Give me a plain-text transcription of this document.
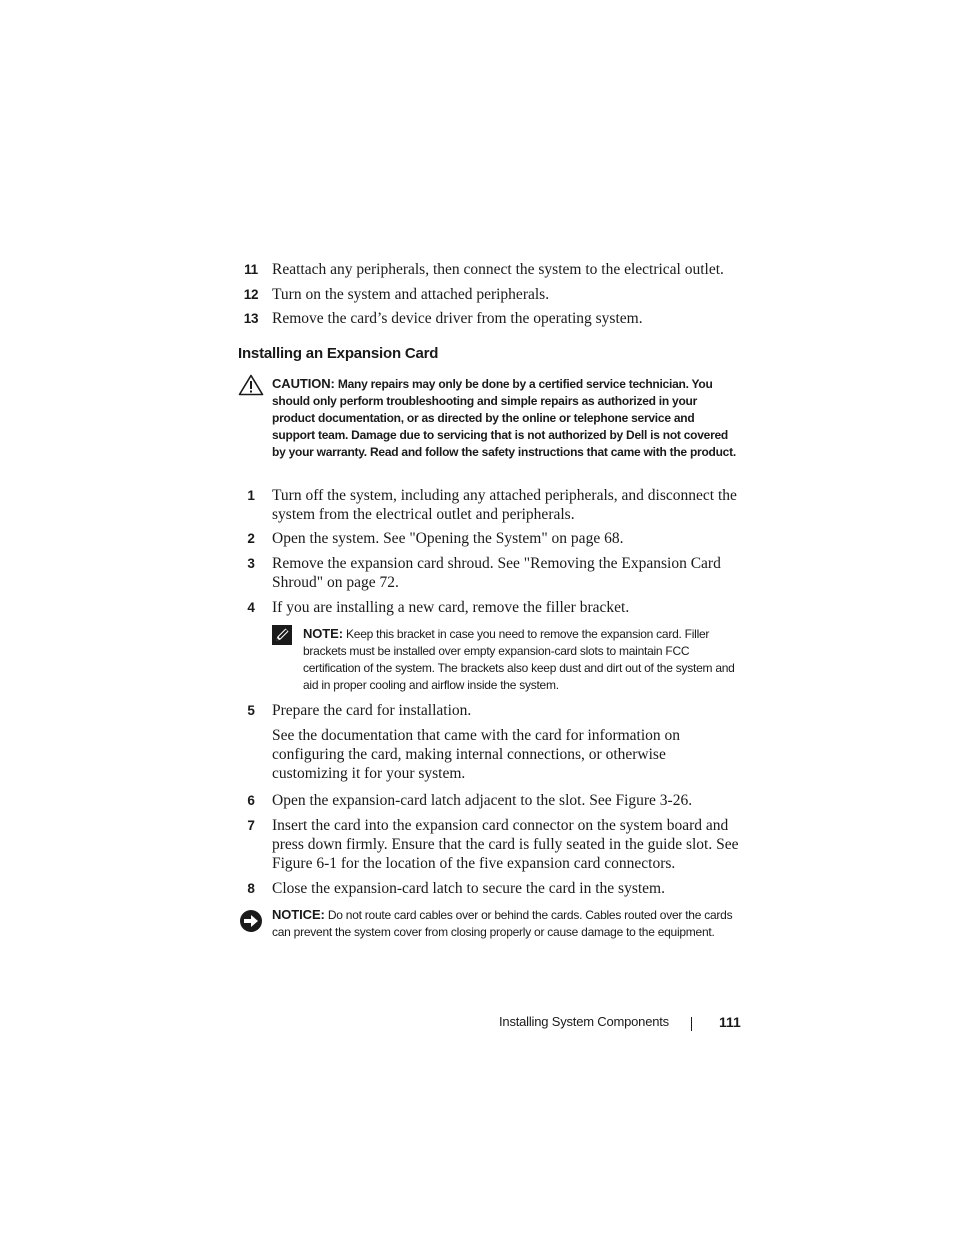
11 Reattach any peripherals, then connect the system to the electrical outlet.
12 Turn on the system and attached peripherals.
13 Remove the card’s device driver from the operating system.
Installing an Expansion Card
CAUTION: Many repairs may only be done by a certified service technician. You should only perform troubleshooting and simple repairs as authorized in your product documentation, or as directed by the online or telephone service and support team. Damage due to servicing that is not authorized by Dell is not covered by your warranty. Read and follow the safety instructions that came with the product.
1	Turn off the system, including any attached peripherals, and disconnect the system from the electrical outlet and peripherals.
2	Open the system. See "Opening the System" on page 68.
3	Remove the expansion card shroud. See "Removing the Expansion Card Shroud" on page 72.
4	If you are installing a new card, remove the filler bracket.
NOTE: Keep this bracket in case you need to remove the expansion card. Filler brackets must be installed over empty expansion-card slots to maintain FCC certification of the system. The brackets also keep dust and dirt out of the system and aid in proper cooling and airflow inside the system.
5	Prepare the card for installation.
See the documentation that came with the card for information on configuring the card, making internal connections, or otherwise customizing it for your system.
6	Open the expansion-card latch adjacent to the slot. See Figure 3-26.
7	Insert the card into the expansion card connector on the system board and press down firmly. Ensure that the card is fully seated in the guide slot. See Figure 6-1 for the location of the five expansion card connectors.
8	Close the expansion-card latch to secure the card in the system.
NOTICE: Do not route card cables over or behind the cards. Cables routed over the cards can prevent the system cover from closing properly or cause damage to the equipment.
Installing System Components	111
